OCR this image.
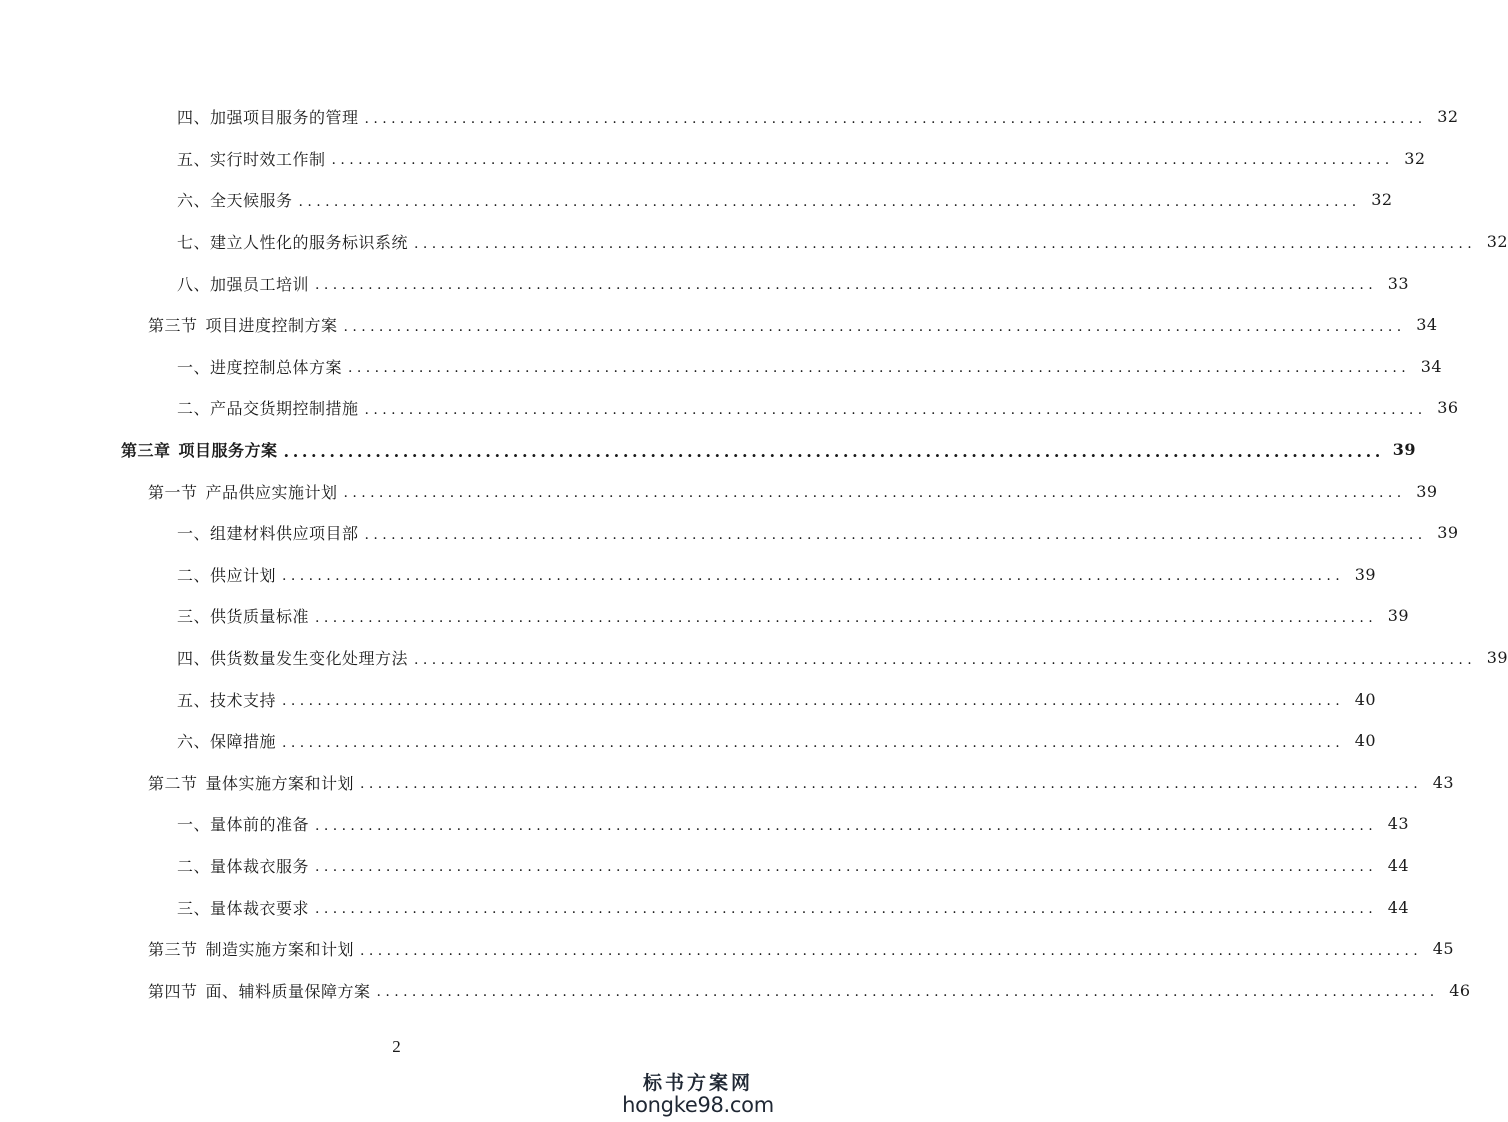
四、加强项目服务的管理 ........................................................................................................................ 32
五、实行时效工作制 ........................................................................................................................ 32
六、全天候服务 ........................................................................................................................ 32
七、建立人性化的服务标识系统 ........................................................................................................................ 32
八、加强员工培训 ........................................................................................................................ 33
第三节 项目进度控制方案 ........................................................................................................................ 34
一、进度控制总体方案 ........................................................................................................................ 34
二、产品交货期控制措施 ........................................................................................................................ 36
第三章 项目服务方案 ........................................................................................................................ 39
第一节 产品供应实施计划 ........................................................................................................................ 39
一、组建材料供应项目部 ........................................................................................................................ 39
二、供应计划 ........................................................................................................................ 39
三、供货质量标准 ........................................................................................................................ 39
四、供货数量发生变化处理方法 ........................................................................................................................ 39
五、技术支持 ........................................................................................................................ 40
六、保障措施 ........................................................................................................................ 40
第二节 量体实施方案和计划 ........................................................................................................................ 43
一、量体前的准备 ........................................................................................................................ 43
二、量体裁衣服务 ........................................................................................................................ 44
三、量体裁衣要求 ........................................................................................................................ 44
第三节 制造实施方案和计划 ........................................................................................................................ 45
第四节 面、辅料质量保障方案 ........................................................................................................................ 46
2
标书方案网
hongke98.com
